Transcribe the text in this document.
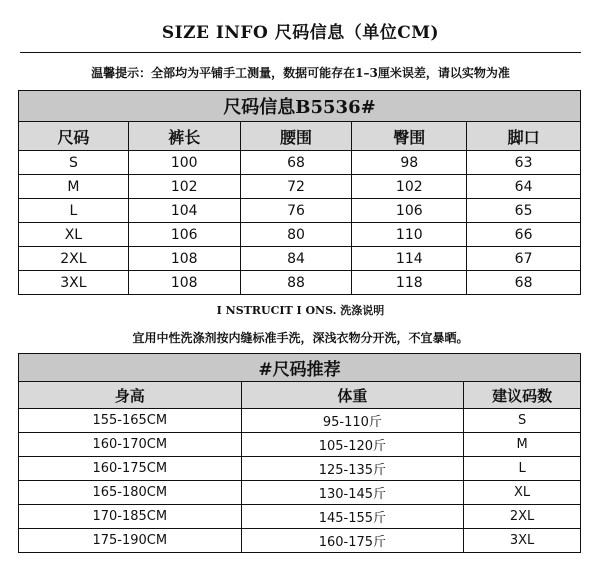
SIZE INFO 尺码信息（单位CM)
温馨提示：全部均为平铺手工测量，数据可能存在1–3厘米误差，请以实物为准
尺码信息B5536#				
尺码	裤长	腰围	臀围	脚口
S	100	68	98	63
M	102	72	102	64
L	104	76	106	65
XL	106	80	110	66
2XL	108	84	114	67
3XL	108	88	118	68
I NSTRUCIT I ONS. 洗涤说明
宜用中性洗涤剂按内缝标准手洗，深浅衣物分开洗，不宜暴晒。
#尺码推荐		
身高	体重	建议码数
155-165CM	95-110斤	S
160-170CM	105-120斤	M
160-175CM	125-135斤	L
165-180CM	130-145斤	XL
170-185CM	145-155斤	2XL
175-190CM	160-175斤	3XL
